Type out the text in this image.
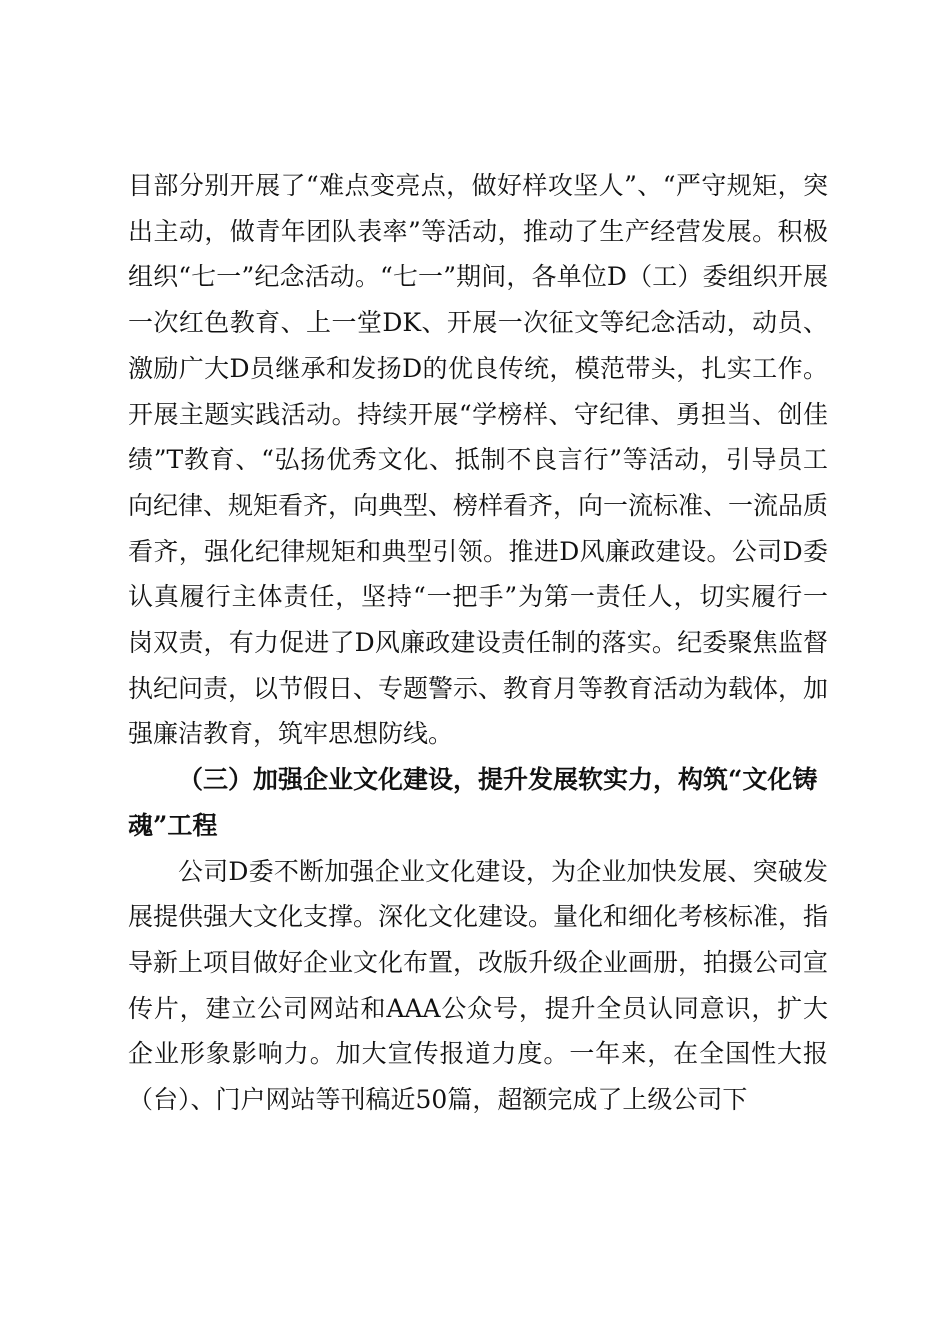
目部分别开展了“难点变亮点，做好样攻坚人”、“严守规矩，突出主动，做青年团队表率”等活动，推动了生产经营发展。积极组织“七一”纪念活动。“七一”期间，各单位D（工）委组织开展一次红色教育、上一堂DK、开展一次征文等纪念活动，动员、激励广大D员继承和发扬D的优良传统，模范带头，扎实工作。开展主题实践活动。持续开展“学榜样、守纪律、勇担当、创佳绩”T教育、“弘扬优秀文化、抵制不良言行”等活动，引导员工向纪律、规矩看齐，向典型、榜样看齐，向一流标准、一流品质看齐，强化纪律规矩和典型引领。推进D风廉政建设。公司D委认真履行主体责任，坚持“一把手”为第一责任人，切实履行一岗双责，有力促进了D风廉政建设责任制的落实。纪委聚焦监督执纪问责，以节假日、专题警示、教育月等教育活动为载体，加强廉洁教育，筑牢思想防线。

（三）加强企业文化建设，提升发展软实力，构筑“文化铸魂”工程

公司D委不断加强企业文化建设，为企业加快发展、突破发展提供强大文化支撑。深化文化建设。量化和细化考核标准，指导新上项目做好企业文化布置，改版升级企业画册，拍摄公司宣传片，建立公司网站和AAA公众号，提升全员认同意识，扩大企业形象影响力。加大宣传报道力度。一年来，在全国性大报（台）、门户网站等刊稿近50篇，超额完成了上级公司下
